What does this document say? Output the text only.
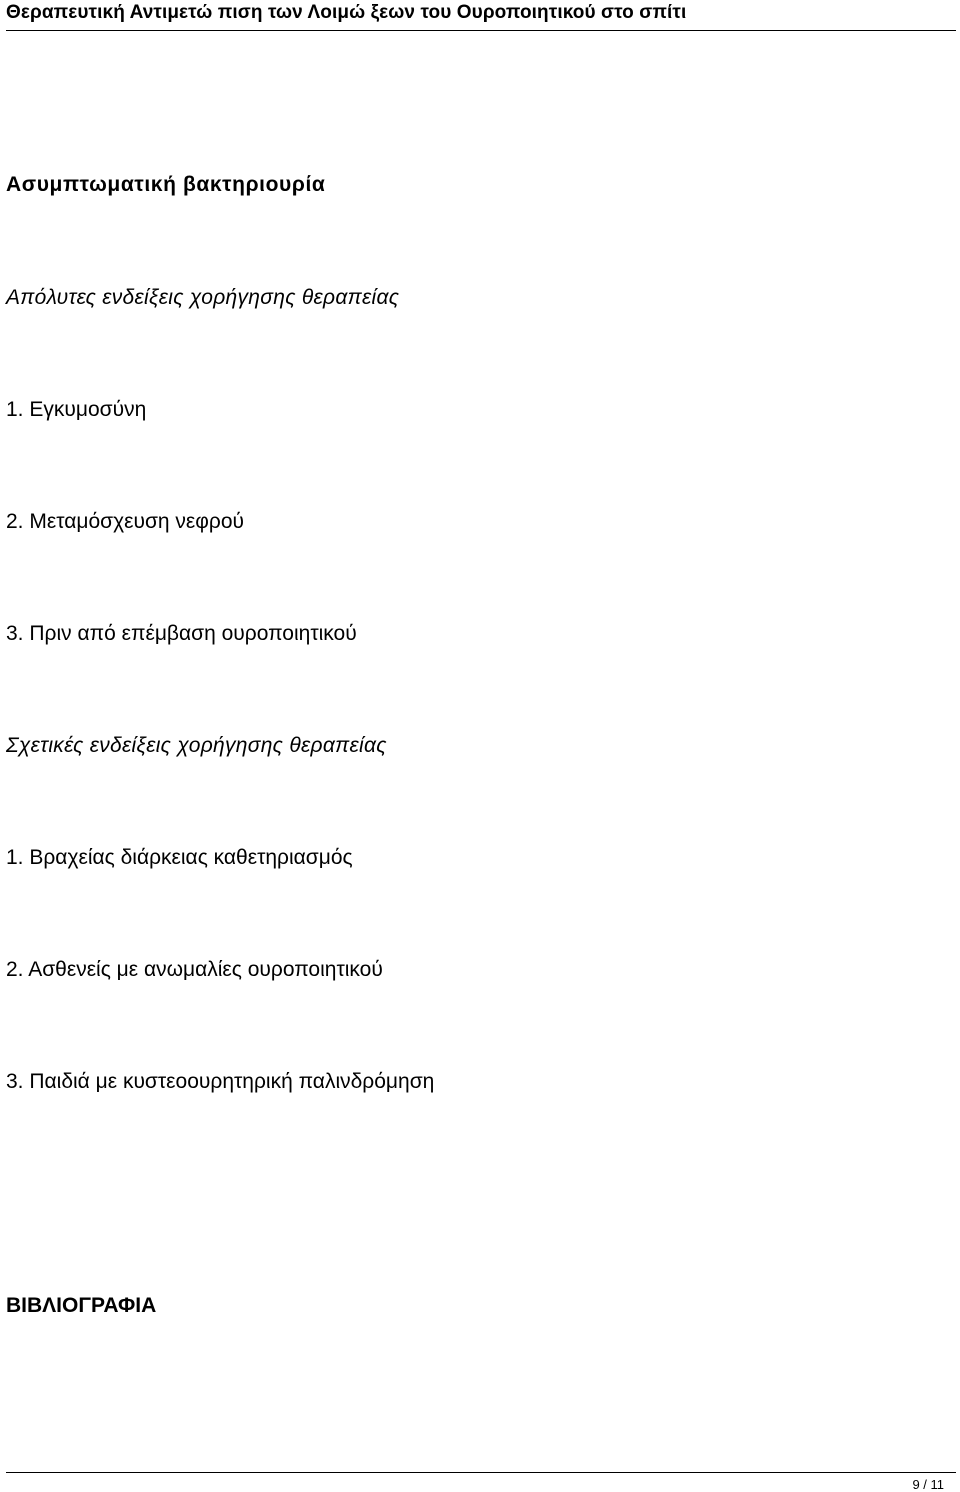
Θεραπευτική Αντιμετώ πιση των Λοιμώ ξεων του Ουροποιητικού στο σπίτι
Ασυμπτωματική βακτηριουρία
Απόλυτες ενδείξεις χορήγησης θεραπείας
1. Εγκυμοσύνη
2. Μεταμόσχευση νεφρού
3. Πριν από επέμβαση ουροποιητικού
Σχετικές ενδείξεις χορήγησης θεραπείας
1. Βραχείας διάρκειας καθετηριασμός
2. Ασθενείς με ανωμαλίες ουροποιητικού
3. Παιδιά με κυστεοουρητηρική παλινδρόμηση
ΒΙΒΛΙΟΓΡΑΦΙΑ
9 / 11
